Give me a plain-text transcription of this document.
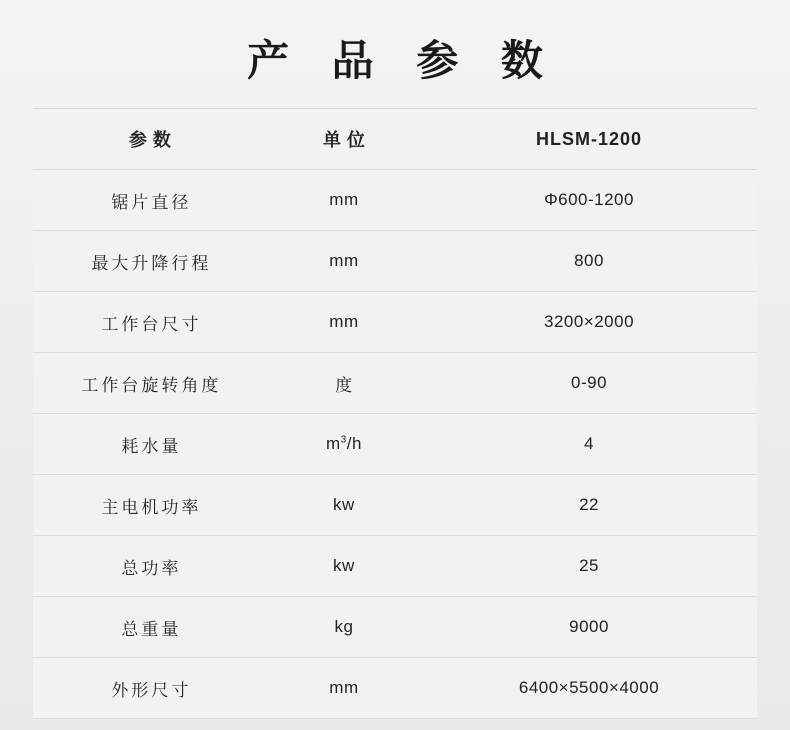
产 品 参 数
参数	单位	HLSM-1200
锯片直径	mm	Φ600-1200
最大升降行程	mm	800
工作台尺寸	mm	3200×2000
工作台旋转角度	度	0-90
耗水量	$m^3/h$	4
主电机功率	kw	22
总功率	kw	25
总重量	kg	9000
外形尺寸	mm	6400×5500×4000
